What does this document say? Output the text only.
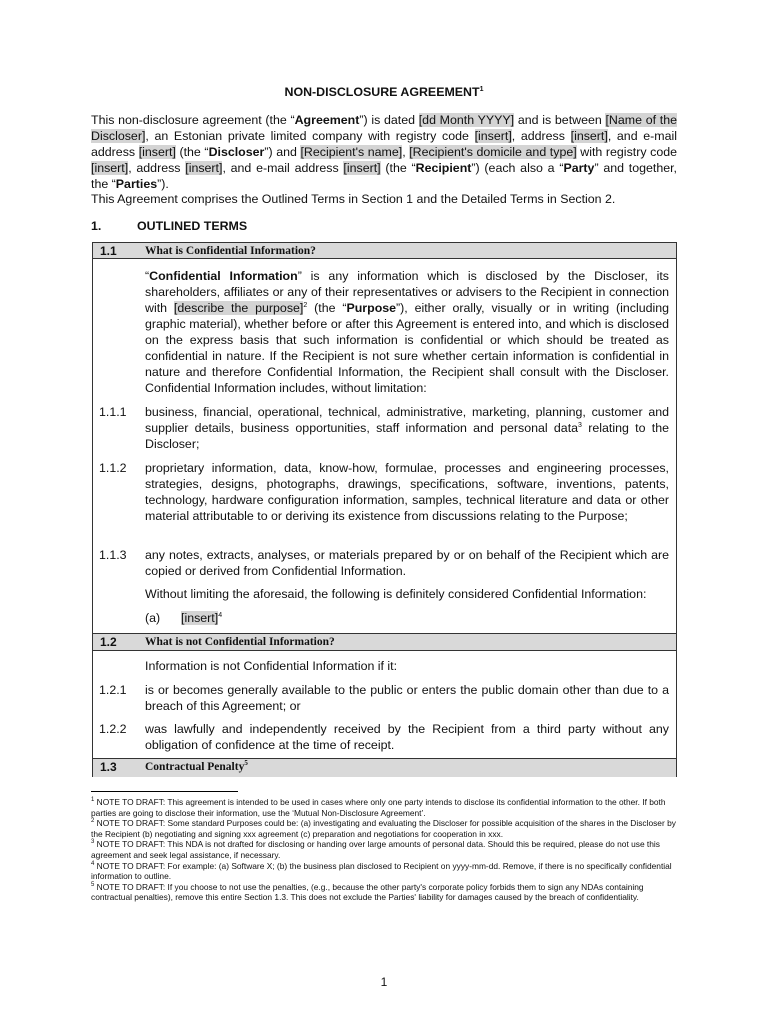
NON-DISCLOSURE AGREEMENT$^1$
This non-disclosure agreement (the “Agreement”) is dated [dd Month YYYY] and is between [Name of the Discloser], an Estonian private limited company with registry code [insert], address [insert], and e-mail address [insert] (the “Discloser”) and [Recipient's name], [Recipient's domicile and type] with registry code [insert], address [insert], and e-mail address [insert] (the “Recipient”) (each also a “Party” and together, the “Parties”).
This Agreement comprises the Outlined Terms in Section 1 and the Detailed Terms in Section 2.
1.	OUTLINED TERMS
1.1 What is Confidential Information?
“Confidential Information” is any information which is disclosed by the Discloser, its shareholders, affiliates or any of their representatives or advisers to the Recipient in connection with [describe the purpose]$^2$ (the “Purpose”), either orally, visually or in writing (including graphic material), whether before or after this Agreement is entered into, and which is disclosed on the express basis that such information is confidential or which should be treated as confidential in nature. If the Recipient is not sure whether certain information is confidential in nature and therefore Confidential Information, the Recipient shall consult with the Discloser. Confidential Information includes, without limitation:
1.1.1 business, financial, operational, technical, administrative, marketing, planning, customer and supplier details, business opportunities, staff information and personal data$^3$ relating to the Discloser;
1.1.2 proprietary information, data, know-how, formulae, processes and engineering processes, strategies, designs, photographs, drawings, specifications, software, inventions, patents, technology, hardware configuration information, samples, technical literature and data or other material attributable to or deriving its existence from discussions relating to the Purpose;
1.1.3 any notes, extracts, analyses, or materials prepared by or on behalf of the Recipient which are copied or derived from Confidential Information.
Without limiting the aforesaid, the following is definitely considered Confidential Information:
(a) [insert]$^4$
1.2 What is not Confidential Information?
Information is not Confidential Information if it:
1.2.1 is or becomes generally available to the public or enters the public domain other than due to a breach of this Agreement; or
1.2.2 was lawfully and independently received by the Recipient from a third party without any obligation of confidence at the time of receipt.
1.3 Contractual Penalty$^5$

$^1$ NOTE TO DRAFT: This agreement is intended to be used in cases where only one party intends to disclose its confidential information to the other. If both parties are going to disclose their information, use the ‘Mutual Non-Disclosure Agreement’.

$^2$ NOTE TO DRAFT: Some standard Purposes could be: (a) investigating and evaluating the Discloser for possible acquisition of the shares in the Discloser by the Recipient (b) negotiating and signing xxx agreement (c) preparation and negotiations for cooperation in xxx.

$^3$ NOTE TO DRAFT: This NDA is not drafted for disclosing or handing over large amounts of personal data. Should this be required, please do not use this agreement and seek legal assistance, if necessary.

$^4$ NOTE TO DRAFT: For example: (a) Software X; (b) the business plan disclosed to Recipient on yyyy-mm-dd. Remove, if there is no specifically confidential information to outline.

$^5$ NOTE TO DRAFT: If you choose to not use the penalties, (e.g., because the other party's corporate policy forbids them to sign any NDAs containing contractual penalties), remove this entire Section 1.3. This does not exclude the Parties' liability for damages caused by the breach of confidentiality.

1
